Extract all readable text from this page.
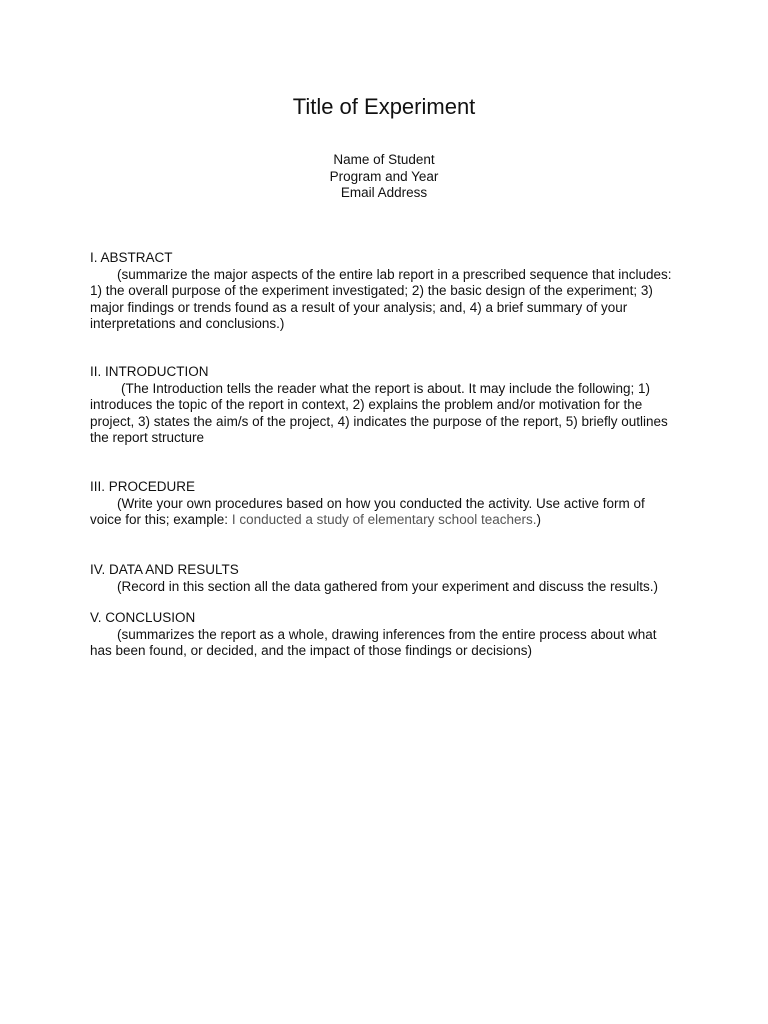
Title of Experiment
Name of Student
Program and Year
Email Address
I. ABSTRACT
(summarize the major aspects of the entire lab report in a prescribed sequence that includes: 1) the overall purpose of the experiment investigated; 2) the basic design of the experiment; 3) major findings or trends found as a result of your analysis; and, 4) a brief summary of your interpretations and conclusions.)
II. INTRODUCTION
(The Introduction tells the reader what the report is about. It may include the following; 1) introduces the topic of the report in context, 2) explains the problem and/or motivation for the project, 3) states the aim/s of the project, 4) indicates the purpose of the report, 5) briefly outlines the report structure
III. PROCEDURE
(Write your own procedures based on how you conducted the activity. Use active form of voice for this; example: I conducted a study of elementary school teachers.)
IV. DATA AND RESULTS
(Record in this section all the data gathered from your experiment and discuss the results.)
V. CONCLUSION
(summarizes the report as a whole, drawing inferences from the entire process about what has been found, or decided, and the impact of those findings or decisions)
